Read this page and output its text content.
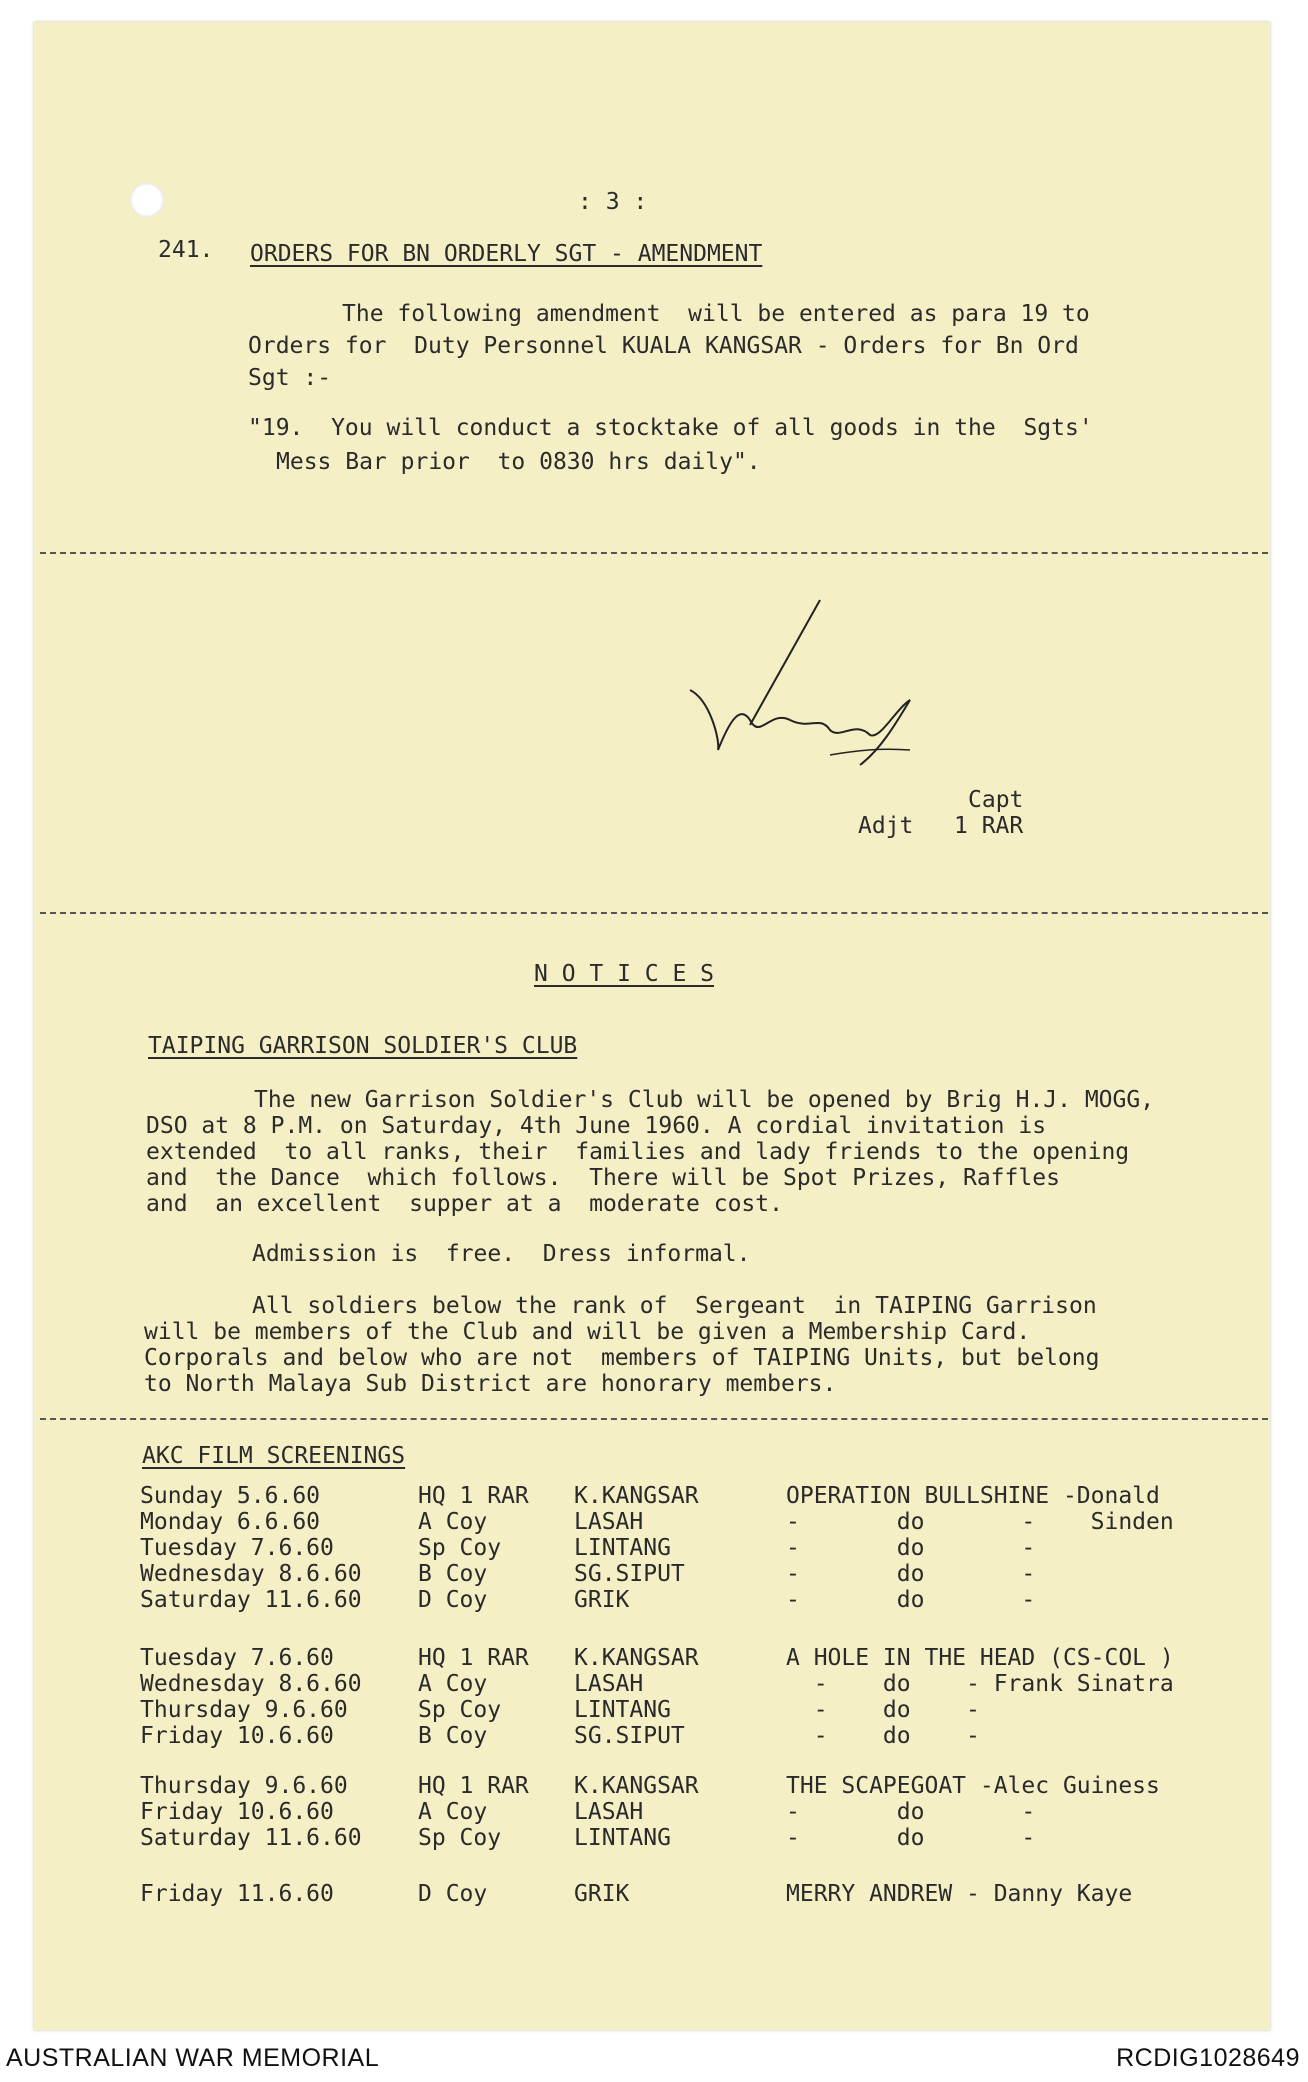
: 3 :
241. ORDERS FOR BN ORDERLY SGT - AMENDMENT
The following amendment  will be entered as para 19 to
Orders for  Duty Personnel KUALA KANGSAR - Orders for Bn Ord
Sgt :-
"19.  You will conduct a stocktake of all goods in the  Sgts'
Mess Bar prior  to 0830 hrs daily".
Capt
Adjt 1 RAR
N O T I C E S
TAIPING GARRISON SOLDIER'S CLUB
The new Garrison Soldier's Club will be opened by Brig H.J. MOGG,
DSO at 8 P.M. on Saturday, 4th June 1960. A cordial invitation is
extended  to all ranks, their  families and lady friends to the opening
and  the Dance  which follows.  There will be Spot Prizes, Raffles
and  an excellent  supper at a  moderate cost.
Admission is  free.  Dress informal.
All soldiers below the rank of  Sergeant  in TAIPING Garrison
will be members of the Club and will be given a Membership Card.
Corporals and below who are not  members of TAIPING Units, but belong
to North Malaya Sub District are honorary members.
AKC FILM SCREENINGS
Sunday 5.6.60	HQ 1 RAR K.KANGSAR	OPERATION BULLSHINE -Donald
Monday 6.6.60	A Coy	LASAH	-       do       -    Sinden
Tuesday 7.6.60	Sp Coy	LINTANG	-       do       -
Wednesday 8.6.60 B Coy	SG.SIPUT	-       do       -
Saturday 11.6.60 D Coy	GRIK	-       do       -
Tuesday 7.6.60	HQ 1 RAR K.KANGSAR	A HOLE IN THE HEAD (CS-COL )
Wednesday 8.6.60 A Coy	LASAH	-    do    - Frank Sinatra
Thursday 9.6.60	Sp Coy	LINTANG	-    do    -
Friday 10.6.60	B Coy	SG.SIPUT	-    do    -
Thursday 9.6.60	HQ 1 RAR K.KANGSAR	THE SCAPEGOAT -Alec Guiness
Friday 10.6.60	A Coy	LASAH	-       do       -
Saturday 11.6.60 Sp Coy	LINTANG	-       do       -
Friday 11.6.60	D Coy	GRIK	MERRY ANDREW - Danny Kaye
AUSTRALIAN WAR MEMORIAL	RCDIG1028649
